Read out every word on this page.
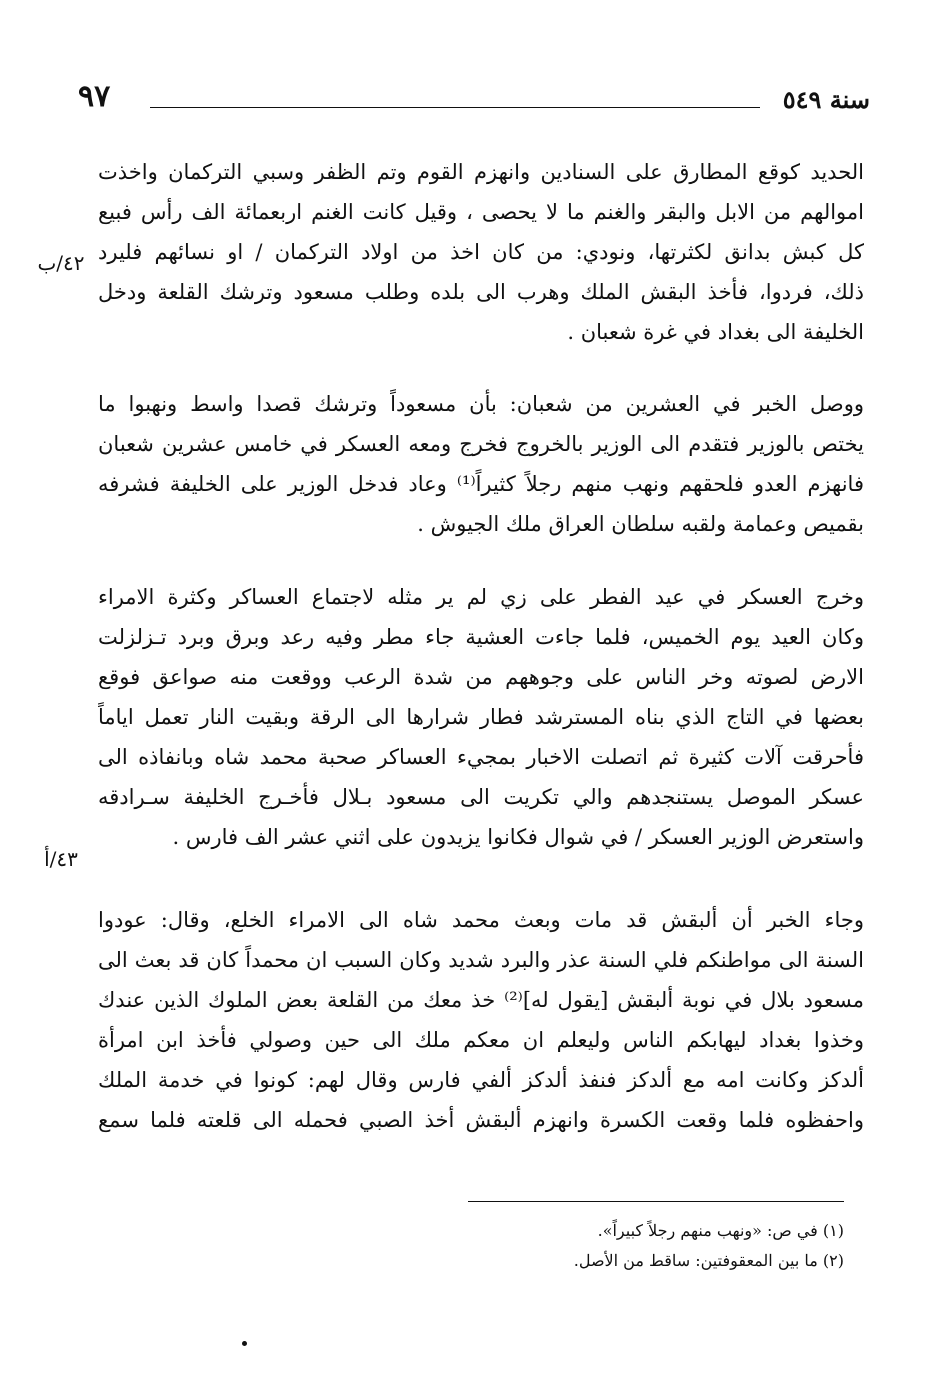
سنة ٥٤٩
٩٧
الحديد كوقع المطارق على السنادين وانهزم القوم وتم الظفر وسبي التركمان واخذت
اموالهم من الابل والبقر والغنم ما لا يحصى ، وقيل كانت الغنم اربعمائة الف رأس فبيع
كل كبش بدانق لكثرتها، ونودي: من كان اخذ من اولاد التركمان / او نسائهم فليرد
ذلك، فردوا، فأخذ البقش الملك وهرب الى بلده وطلب مسعود وترشك القلعة ودخل
الخليفة الى بغداد في غرة شعبان .
ووصل الخبر في العشرين من شعبان: بأن مسعوداً وترشك قصدا واسط ونهبوا ما
يختص بالوزير فتقدم الى الوزير بالخروج فخرج ومعه العسكر في خامس عشرين شعبان
فانهزم العدو فلحقهم ونهب منهم رجلاً كثيراً⁽¹⁾ وعاد فدخل الوزير على الخليفة فشرفه
بقميص وعمامة ولقبه سلطان العراق ملك الجيوش .
وخرج العسكر في عيد الفطر على زي لم ير مثله لاجتماع العساكر وكثرة الامراء
وكان العيد يوم الخميس، فلما جاءت العشية جاء مطر وفيه رعد وبرق وبرد تـزلزلت
الارض لصوته وخر الناس على وجوههم من شدة الرعب ووقعت منه صواعق فوقع
بعضها في التاج الذي بناه المسترشد فطار شرارها الى الرقة وبقيت النار تعمل اياماً
فأحرقت آلات كثيرة ثم اتصلت الاخبار بمجيء العساكر صحبة محمد شاه وبانفاذه الى
عسكر الموصل يستنجدهم والي تكريت الى مسعود بـلال فأخـرج الخليفة سـرادقه
واستعرض الوزير العسكر / في شوال فكانوا يزيدون على اثني عشر الف فارس .
وجاء الخبر أن ألبقش قد مات وبعث محمد شاه الى الامراء الخلع، وقال: عودوا
السنة الى مواطنكم فلي السنة عذر والبرد شديد وكان السبب ان محمداً كان قد بعث الى
مسعود بلال في نوبة ألبقش [يقول له]⁽²⁾ خذ معك من القلعة بعض الملوك الذين عندك
وخذوا بغداد ليهابكم الناس وليعلم ان معكم ملك الى حين وصولي فأخذ ابن امرأة
ألدكز وكانت امه مع ألدكز فنفذ ألدكز ألفي فارس وقال لهم: كونوا في خدمة الملك
واحفظوه فلما وقعت الكسرة وانهزم ألبقش أخذ الصبي فحمله الى قلعته فلما سمع
٤٢/ب
٤٣/أ
(١) في ص: «ونهب منهم رجلاً كبيراً».
(٢) ما بين المعقوفتين: ساقط من الأصل.
